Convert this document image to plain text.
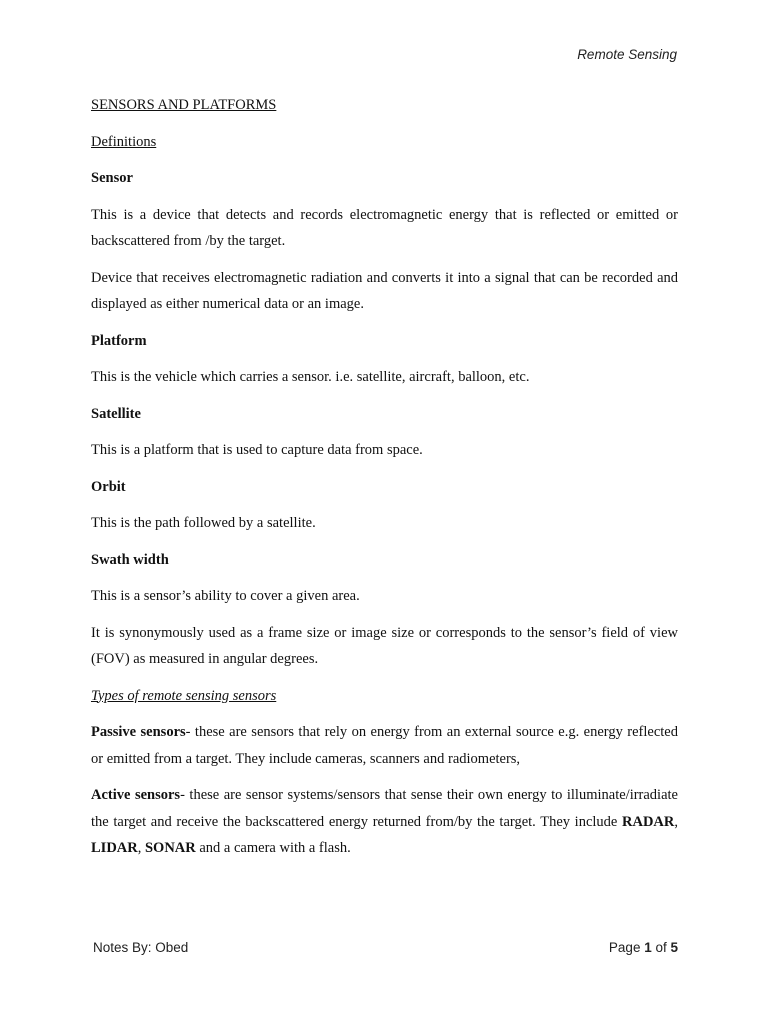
Remote Sensing

SENSORS AND PLATFORMS

Definitions

Sensor

This is a device that detects and records electromagnetic energy that is reflected or emitted or backscattered from /by the target.

Device that receives electromagnetic radiation and converts it into a signal that can be recorded and displayed as either numerical data or an image.

Platform

This is the vehicle which carries a sensor. i.e. satellite, aircraft, balloon, etc.

Satellite

This is a platform that is used to capture data from space.

Orbit

This is the path followed by a satellite.

Swath width

This is a sensor’s ability to cover a given area.

It is synonymously used as a frame size or image size or corresponds to the sensor’s field of view (FOV) as measured in angular degrees.

Types of remote sensing sensors

Passive sensors- these are sensors that rely on energy from an external source e.g. energy reflected or emitted from a target. They include cameras, scanners and radiometers,

Active sensors- these are sensor systems/sensors that sense their own energy to illuminate/irradiate the target and receive the backscattered energy returned from/by the target. They include RADAR, LIDAR, SONAR and a camera with a flash.

Notes By: Obed	Page 1 of 5
